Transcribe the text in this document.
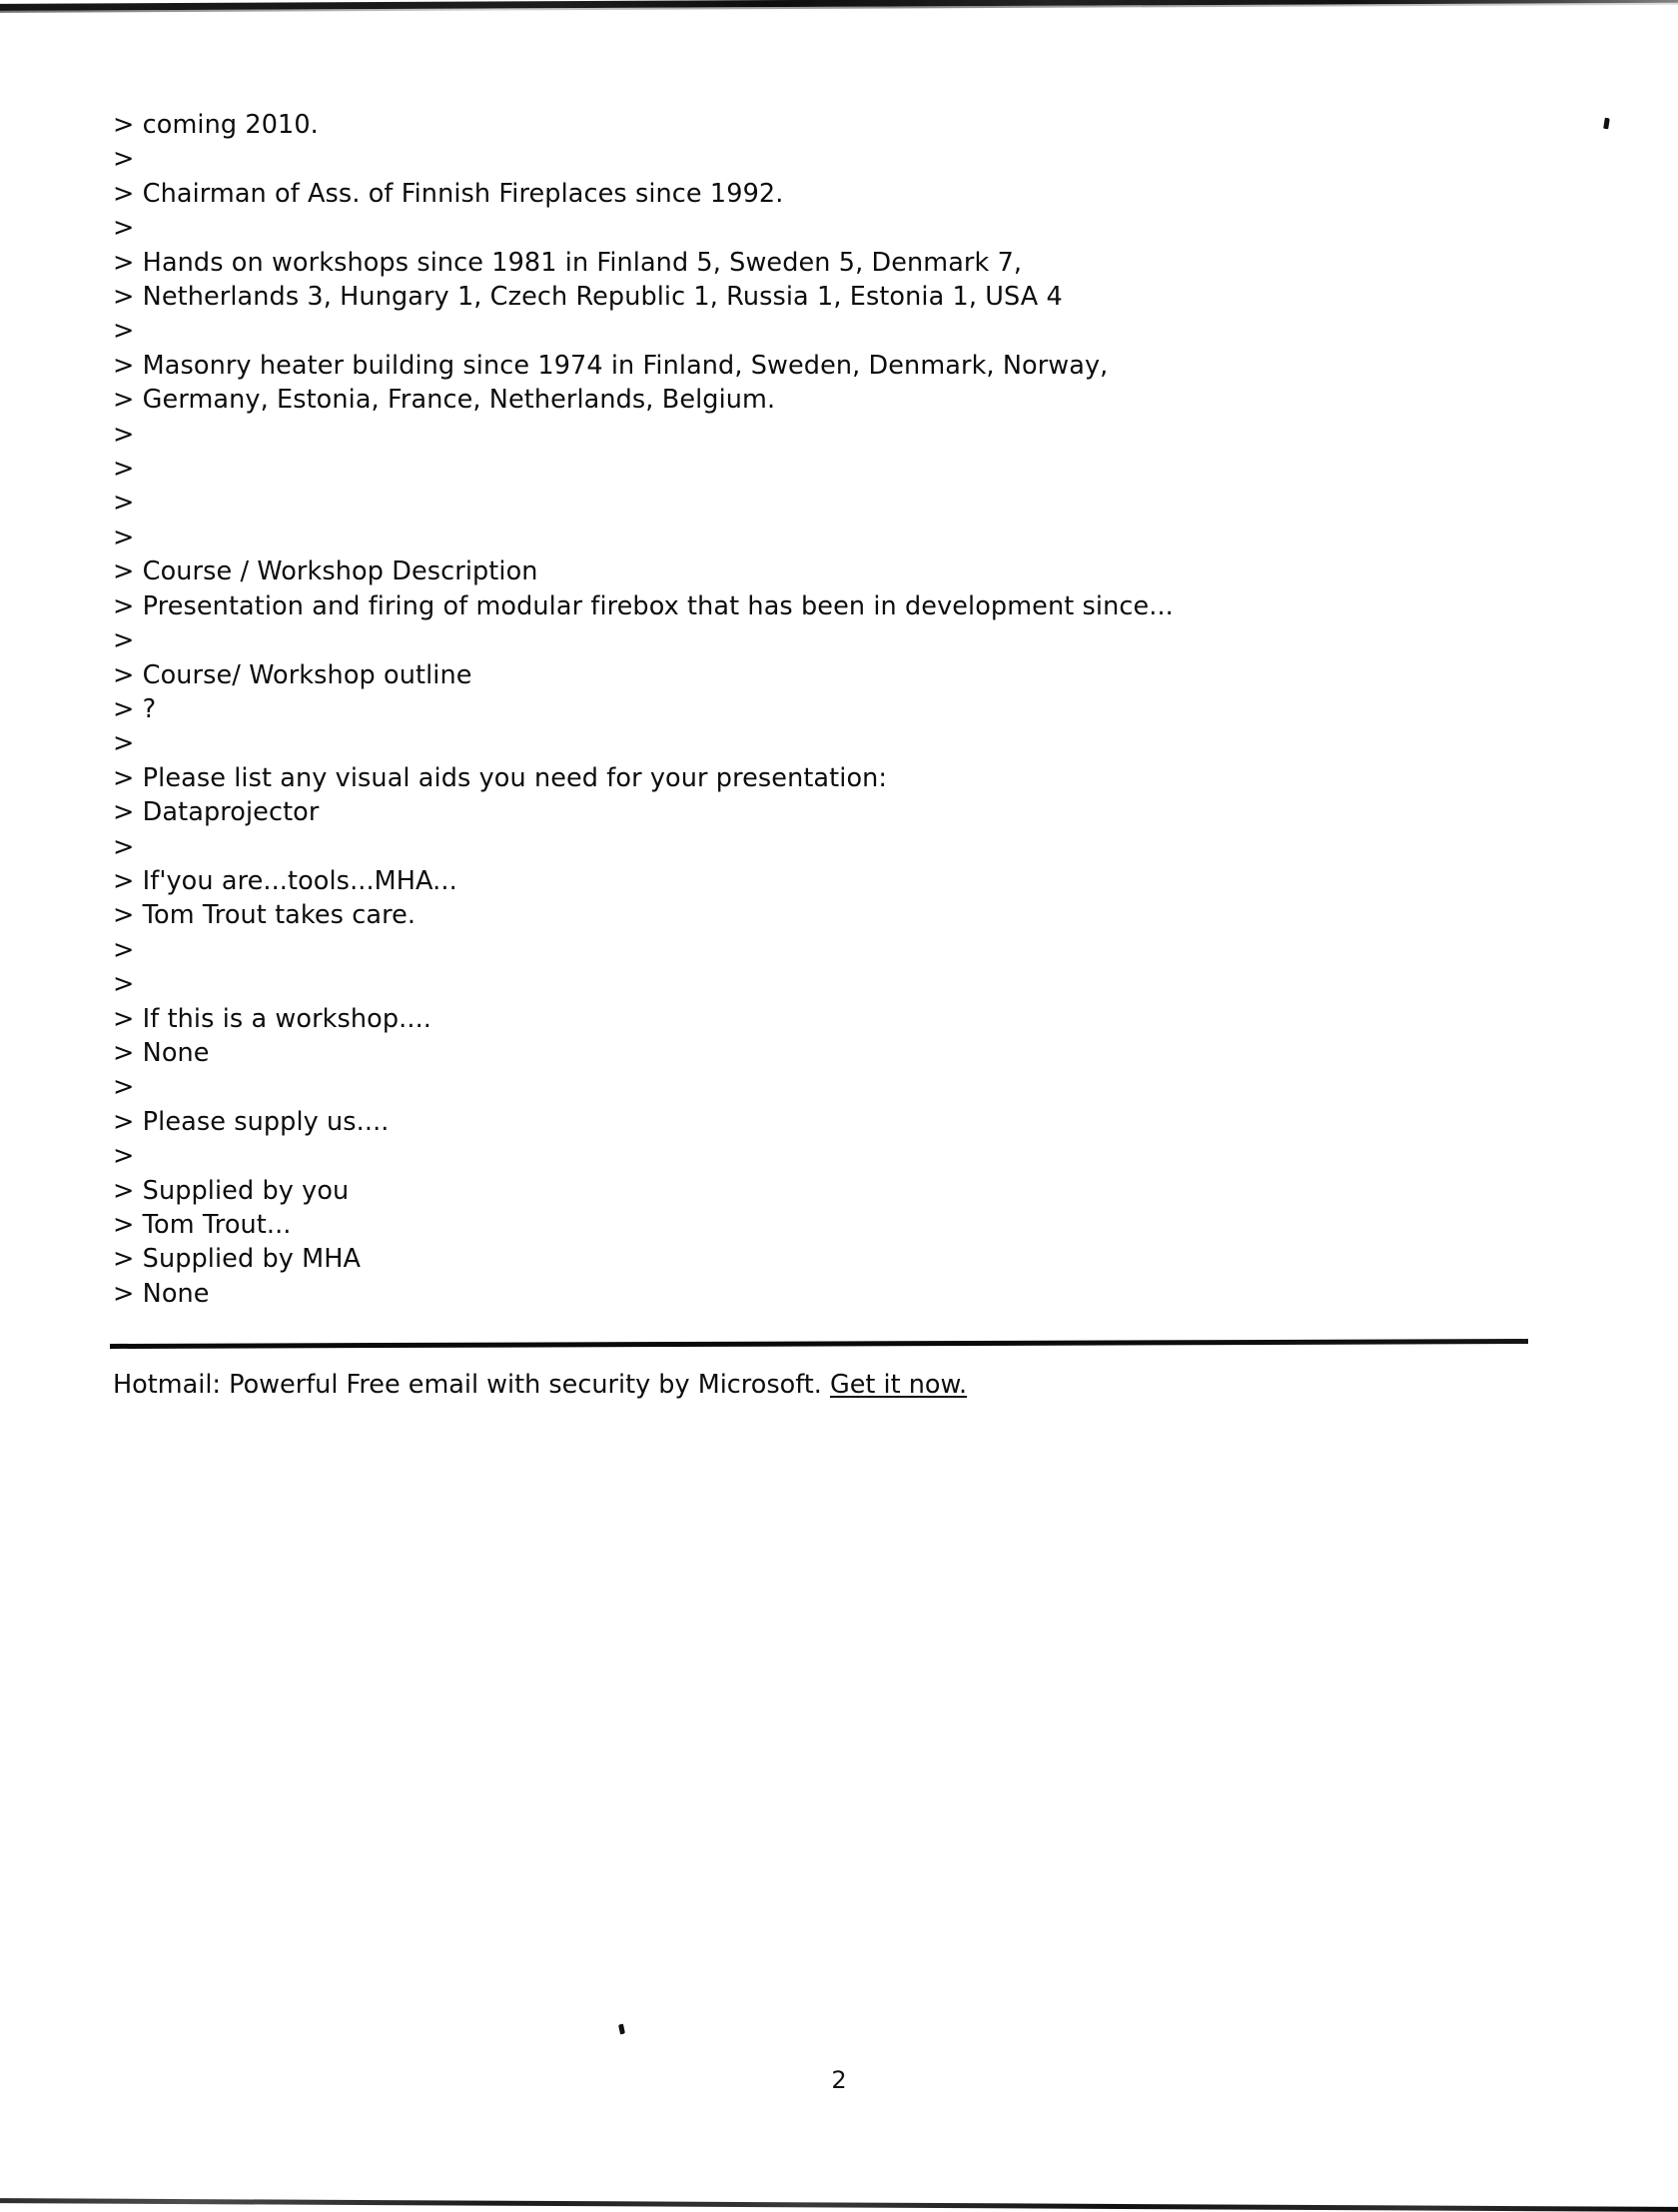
> coming 2010.
>
> Chairman of Ass. of Finnish Fireplaces since 1992.
>
> Hands on workshops since 1981 in Finland 5, Sweden 5, Denmark 7,
> Netherlands 3, Hungary 1, Czech Republic 1, Russia 1, Estonia 1, USA 4
>
> Masonry heater building since 1974 in Finland, Sweden, Denmark, Norway,
> Germany, Estonia, France, Netherlands, Belgium.
>
>
>
>
> Course / Workshop Description
> Presentation and firing of modular firebox that has been in development since...
>
> Course/ Workshop outline
> ?
>
> Please list any visual aids you need for your presentation:
> Dataprojector
>
> If'you are...tools...MHA...
> Tom Trout takes care.
>
>
> If this is a workshop....
> None
>
> Please supply us....
>
> Supplied by you
> Tom Trout...
> Supplied by MHA
> None
Hotmail: Powerful Free email with security by Microsoft. Get it now.
2
